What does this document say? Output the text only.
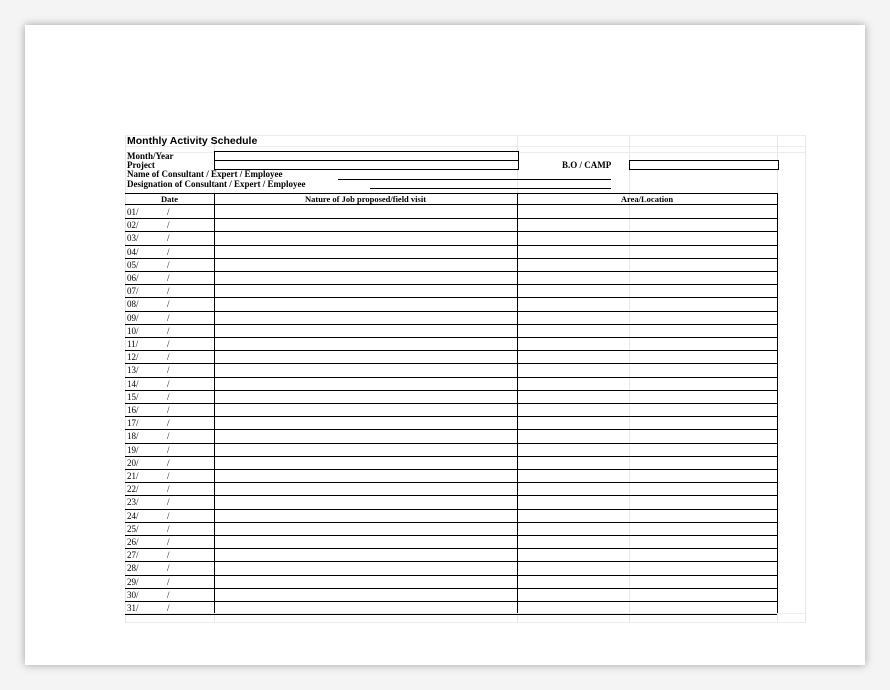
Monthly Activity Schedule
Month/Year
Project	B.O / CAMP
Name of Consultant / Expert / Employee
Designation of Consultant / Expert / Employee
Date	Nature of Job proposed/field visit	Area/Location
01/	/
02/	/
03/	/
04/	/
05/	/
06/	/
07/	/
08/	/
09/	/
10/	/
11/	/
12/	/
13/	/
14/	/
15/	/
16/	/
17/	/
18/	/
19/	/
20/	/
21/	/
22/	/
23/	/
24/	/
25/	/
26/	/
27/	/
28/	/
29/	/
30/	/
31/	/
